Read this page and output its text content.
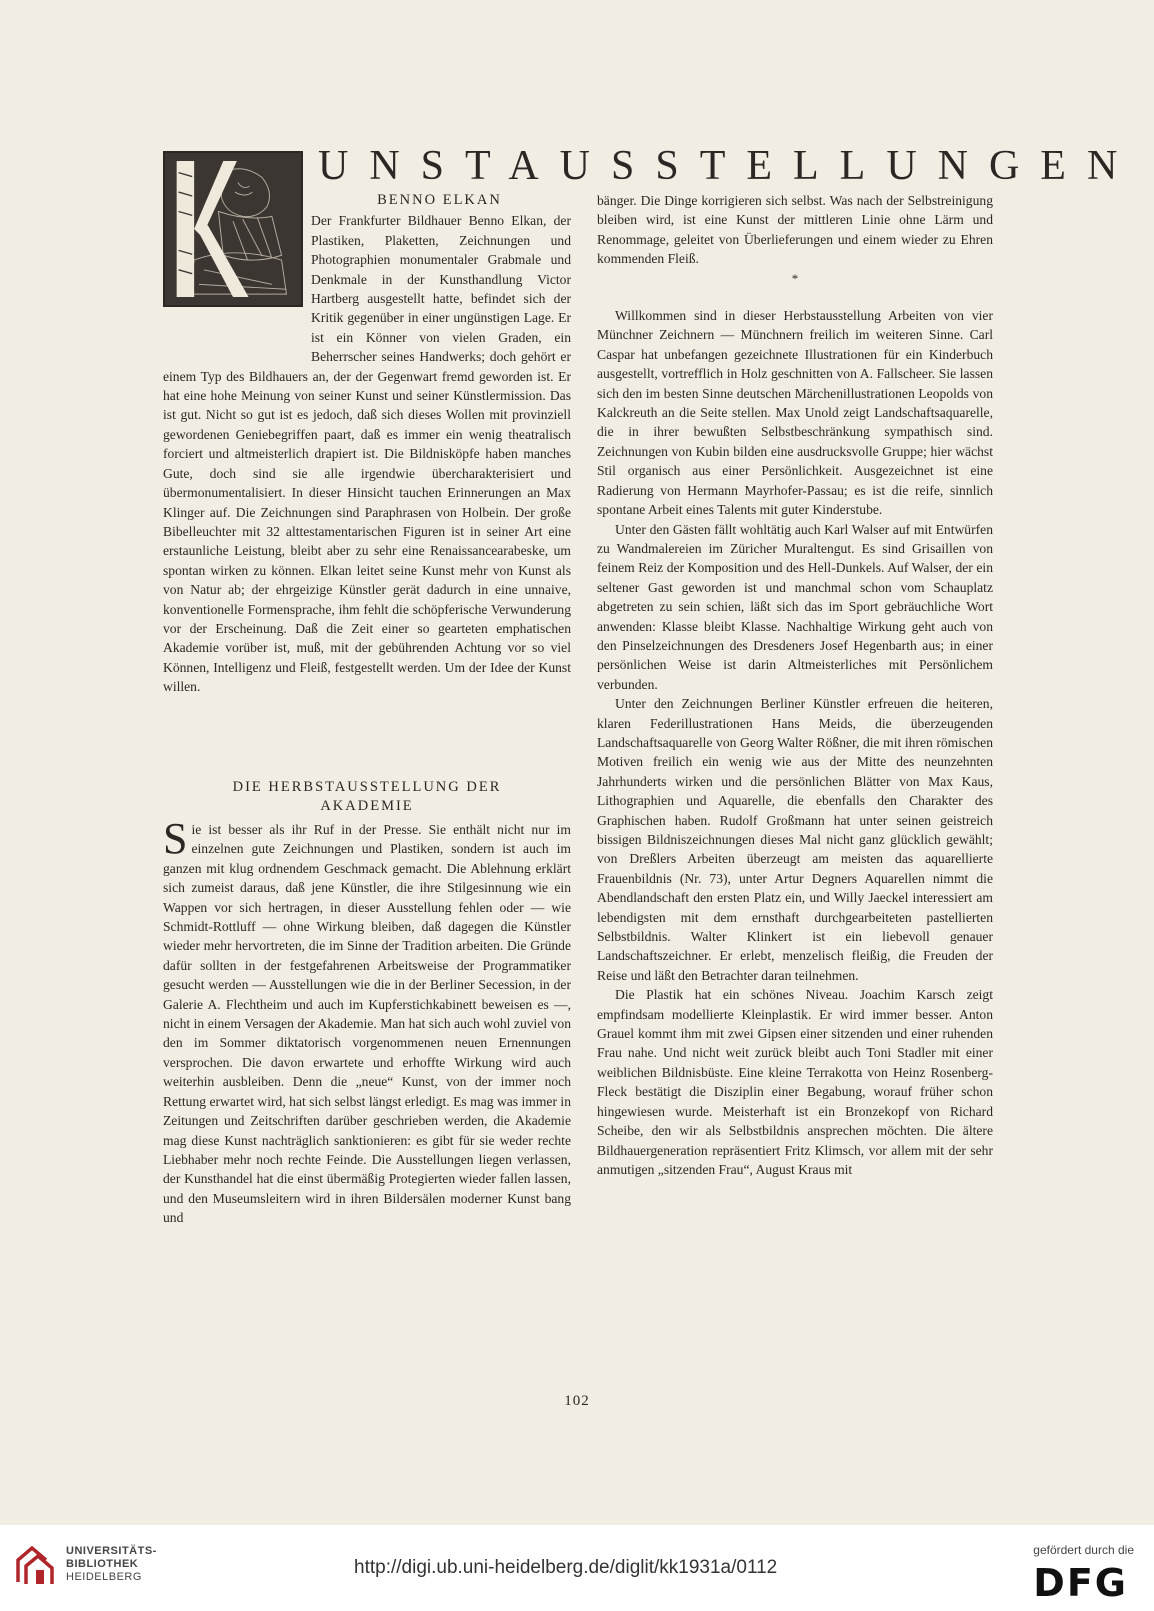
UNSTAUSSTELLUNGEN
BENNO ELKAN

Der Frankfurter Bildhauer Benno Elkan, der Plastiken, Plaketten, Zeichnungen und Photographien monumentaler Grabmale und Denkmale in der Kunsthandlung Victor Hartberg ausgestellt hatte, befindet sich der Kritik gegenüber in einer ungünstigen Lage. Er ist ein Könner von vielen Graden, ein Beherrscher seines Handwerks; doch gehört er einem Typ des Bildhauers an, der der Gegenwart fremd geworden ist. Er hat eine hohe Meinung von seiner Kunst und seiner Künstlermission. Das ist gut. Nicht so gut ist es jedoch, daß sich dieses Wollen mit provinziell gewordenen Geniebegriffen paart, daß es immer ein wenig theatralisch forciert und altmeisterlich drapiert ist. Die Bildnisköpfe haben manches Gute, doch sind sie alle irgendwie übercharakterisiert und übermonumentalisiert. In dieser Hinsicht tauchen Erinnerungen an Max Klinger auf. Die Zeichnungen sind Paraphrasen von Holbein. Der große Bibelleuchter mit 32 alttestamentarischen Figuren ist in seiner Art eine erstaunliche Leistung, bleibt aber zu sehr eine Renaissancearabeske, um spontan wirken zu können. Elkan leitet seine Kunst mehr von Kunst als von Natur ab; der ehrgeizige Künstler gerät dadurch in eine unnaive, konventionelle Formensprache, ihm fehlt die schöpferische Verwunderung vor der Erscheinung. Daß die Zeit einer so gearteten emphatischen Akademie vorüber ist, muß, mit der gebührenden Achtung vor so viel Können, Intelligenz und Fleiß, festgestellt werden. Um der Idee der Kunst willen.

DIE HERBSTAUSSTELLUNG DER
AKADEMIE

Sie ist besser als ihr Ruf in der Presse. Sie enthält nicht nur im einzelnen gute Zeichnungen und Plastiken, sondern ist auch im ganzen mit klug ordnendem Geschmack gemacht. Die Ablehnung erklärt sich zumeist daraus, daß jene Künstler, die ihre Stilgesinnung wie ein Wappen vor sich hertragen, in dieser Ausstellung fehlen oder — wie Schmidt-Rottluff — ohne Wirkung bleiben, daß dagegen die Künstler wieder mehr hervortreten, die im Sinne der Tradition arbeiten. Die Gründe dafür sollten in der festgefahrenen Arbeitsweise der Programmatiker gesucht werden — Ausstellungen wie die in der Berliner Secession, in der Galerie A. Flechtheim und auch im Kupferstichkabinett beweisen es —, nicht in einem Versagen der Akademie. Man hat sich auch wohl zuviel von den im Sommer diktatorisch vorgenommenen neuen Ernennungen versprochen. Die davon erwartete und erhoffte Wirkung wird auch weiterhin ausbleiben. Denn die „neue“ Kunst, von der immer noch Rettung erwartet wird, hat sich selbst längst erledigt. Es mag was immer in Zeitungen und Zeitschriften darüber geschrieben werden, die Akademie mag diese Kunst nachträglich sanktionieren: es gibt für sie weder rechte Liebhaber mehr noch rechte Feinde. Die Ausstellungen liegen verlassen, der Kunsthandel hat die einst übermäßig Protegierten wieder fallen lassen, und den Museumsleitern wird in ihren Bildersälen moderner Kunst bang und

bänger. Die Dinge korrigieren sich selbst. Was nach der Selbstreinigung bleiben wird, ist eine Kunst der mittleren Linie ohne Lärm und Renommage, geleitet von Überlieferungen und einem wieder zu Ehren kommenden Fleiß.

*

Willkommen sind in dieser Herbstausstellung Arbeiten von vier Münchner Zeichnern — Münchnern freilich im weiteren Sinne. Carl Caspar hat unbefangen gezeichnete Illustrationen für ein Kinderbuch ausgestellt, vortrefflich in Holz geschnitten von A. Fallscheer. Sie lassen sich den im besten Sinne deutschen Märchenillustrationen Leopolds von Kalckreuth an die Seite stellen. Max Unold zeigt Landschaftsaquarelle, die in ihrer bewußten Selbstbeschränkung sympathisch sind. Zeichnungen von Kubin bilden eine ausdrucksvolle Gruppe; hier wächst Stil organisch aus einer Persönlichkeit. Ausgezeichnet ist eine Radierung von Hermann Mayrhofer-Passau; es ist die reife, sinnlich spontane Arbeit eines Talents mit guter Kinderstube.

Unter den Gästen fällt wohltätig auch Karl Walser auf mit Entwürfen zu Wandmalereien im Züricher Muraltengut. Es sind Grisaillen von feinem Reiz der Komposition und des Hell-Dunkels. Auf Walser, der ein seltener Gast geworden ist und manchmal schon vom Schauplatz abgetreten zu sein schien, läßt sich das im Sport gebräuchliche Wort anwenden: Klasse bleibt Klasse. Nachhaltige Wirkung geht auch von den Pinselzeichnungen des Dresdeners Josef Hegenbarth aus; in einer persönlichen Weise ist darin Altmeisterliches mit Persönlichem verbunden.

Unter den Zeichnungen Berliner Künstler erfreuen die heiteren, klaren Federillustrationen Hans Meids, die überzeugenden Landschaftsaquarelle von Georg Walter Rößner, die mit ihren römischen Motiven freilich ein wenig wie aus der Mitte des neunzehnten Jahrhunderts wirken und die persönlichen Blätter von Max Kaus, Lithographien und Aquarelle, die ebenfalls den Charakter des Graphischen haben. Rudolf Großmann hat unter seinen geistreich bissigen Bildniszeichnungen dieses Mal nicht ganz glücklich gewählt; von Dreßlers Arbeiten überzeugt am meisten das aquarellierte Frauenbildnis (Nr. 73), unter Artur Degners Aquarellen nimmt die Abendlandschaft den ersten Platz ein, und Willy Jaeckel interessiert am lebendigsten mit dem ernsthaft durchgearbeiteten pastellierten Selbstbildnis. Walter Klinkert ist ein liebevoll genauer Landschaftszeichner. Er erlebt, menzelisch fleißig, die Freuden der Reise und läßt den Betrachter daran teilnehmen.

Die Plastik hat ein schönes Niveau. Joachim Karsch zeigt empfindsam modellierte Kleinplastik. Er wird immer besser. Anton Grauel kommt ihm mit zwei Gipsen einer sitzenden und einer ruhenden Frau nahe. Und nicht weit zurück bleibt auch Toni Stadler mit einer weiblichen Bildnisbüste. Eine kleine Terrakotta von Heinz Rosenberg-Fleck bestätigt die Disziplin einer Begabung, worauf früher schon hingewiesen wurde. Meisterhaft ist ein Bronzekopf von Richard Scheibe, den wir als Selbstbildnis ansprechen möchten. Die ältere Bildhauergeneration repräsentiert Fritz Klimsch, vor allem mit der sehr anmutigen „sitzenden Frau“, August Kraus mit

102
UNIVERSITÄTS-
BIBLIOTHEK
HEIDELBERG	http://digi.ub.uni-heidelberg.de/diglit/kk1931a/0112
gefördert durch die
DFG
